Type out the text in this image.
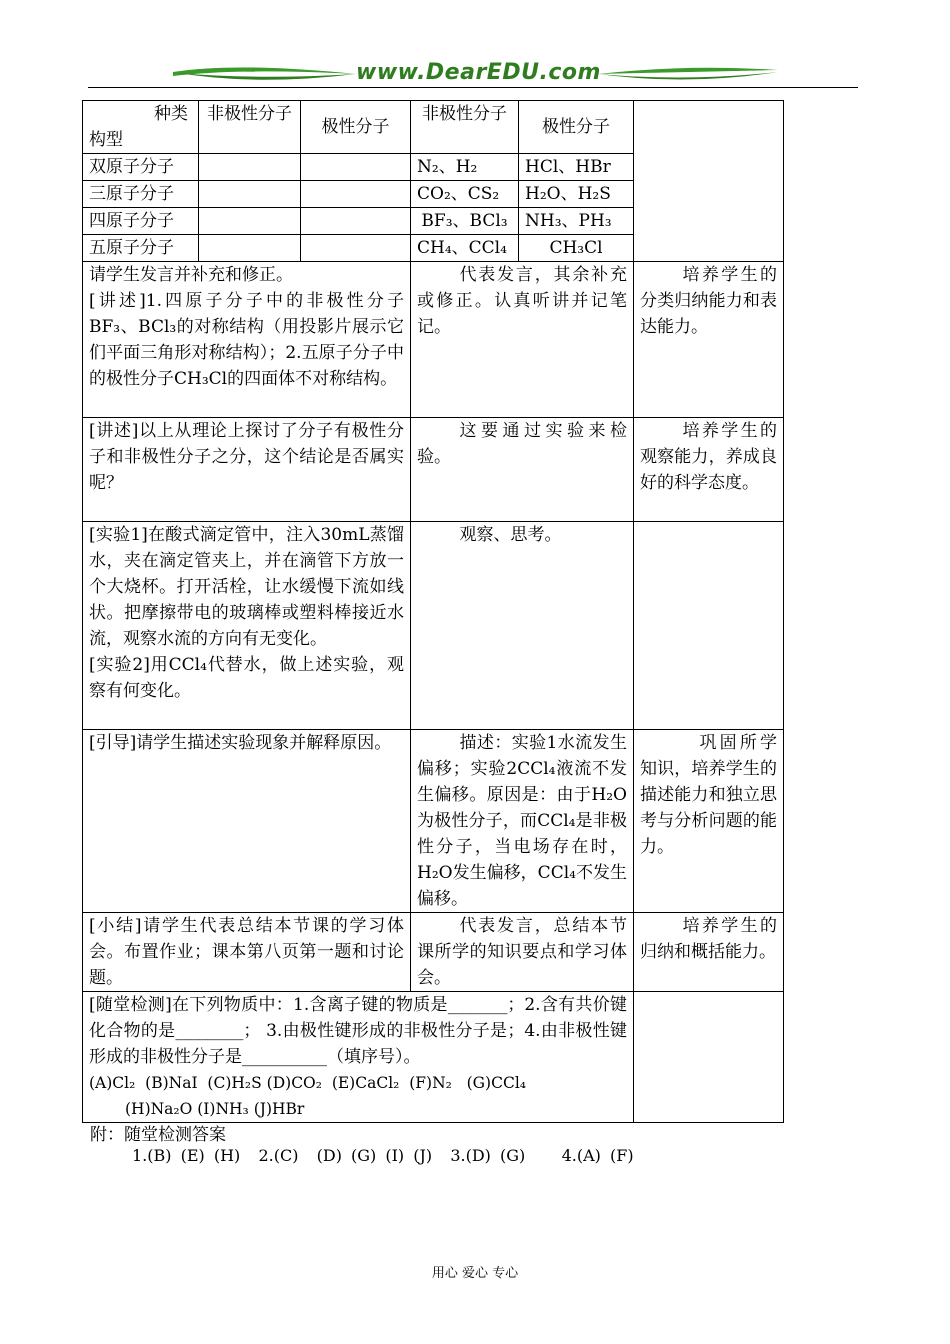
www.DearEDU.com
种类
构型	非极性分子	极性分子	非极性分子	极性分子	
双原子分子			N₂、H₂	HCl、HBr	
三原子分子			CO₂、CS₂	H₂O、H₂S	
四原子分子			BF₃、BCl₃	NH₃、PH₃	
五原子分子			CH₄、CCl₄	CH₃Cl	
请学生发言并补充和修正。
[讲述]1.四原子分子中的非极性分子BF₃、BCl₃的对称结构（用投影片展示它们平面三角形对称结构）；2.五原子分子中的极性分子CH₃Cl的四面体不对称结构。			代表发言，其余补充或修正。认真听讲并记笔记。		培养学生的分类归纳能力和表达能力。
[讲述]以上从理论上探讨了分子有极性分子和非极性分子之分，这个结论是否属实呢？			这要通过实验来检验。		培养学生的观察能力，养成良好的科学态度。
[实验1]在酸式滴定管中，注入30mL蒸馏水，夹在滴定管夹上，并在滴管下方放一个大烧杯。打开活栓，让水缓慢下流如线状。把摩擦带电的玻璃棒或塑料棒接近水流，观察水流的方向有无变化。
[实验2]用CCl₄代替水，做上述实验，观察有何变化。			观察、思考。		
[引导]请学生描述实验现象并解释原因。			描述：实验1水流发生偏移；实验2CCl₄液流不发生偏移。原因是：由于H₂O为极性分子，而CCl₄是非极性分子，当电场存在时，H₂O发生偏移，CCl₄不发生偏移。		巩固所学知识，培养学生的描述能力和独立思考与分析问题的能力。
[小结]请学生代表总结本节课的学习体会。布置作业；课本第八页第一题和讨论题。			代表发言，总结本节课所学的知识要点和学习体会。		培养学生的归纳和概括能力。

[随堂检测]在下列物质中：1.含离子键的物质是_______；2.含有共价键化合物的是________； 3.由极性键形成的非极性分子是；4.由非极性键形成的非极性分子是__________（填序号）。
(A)Cl₂  (B)NaI  (C)H₂S (D)CO₂  (E)CaCl₂  (F)N₂   (G)CCl₄
(H)Na₂O (I)NH₃ (J)HBr					

附：随堂检测答案
1.(B) (E) (H)  2.(C)  (D) (G) (I) (J)  3.(D) (G)    4.(A) (F)
用心 爱心 专心
